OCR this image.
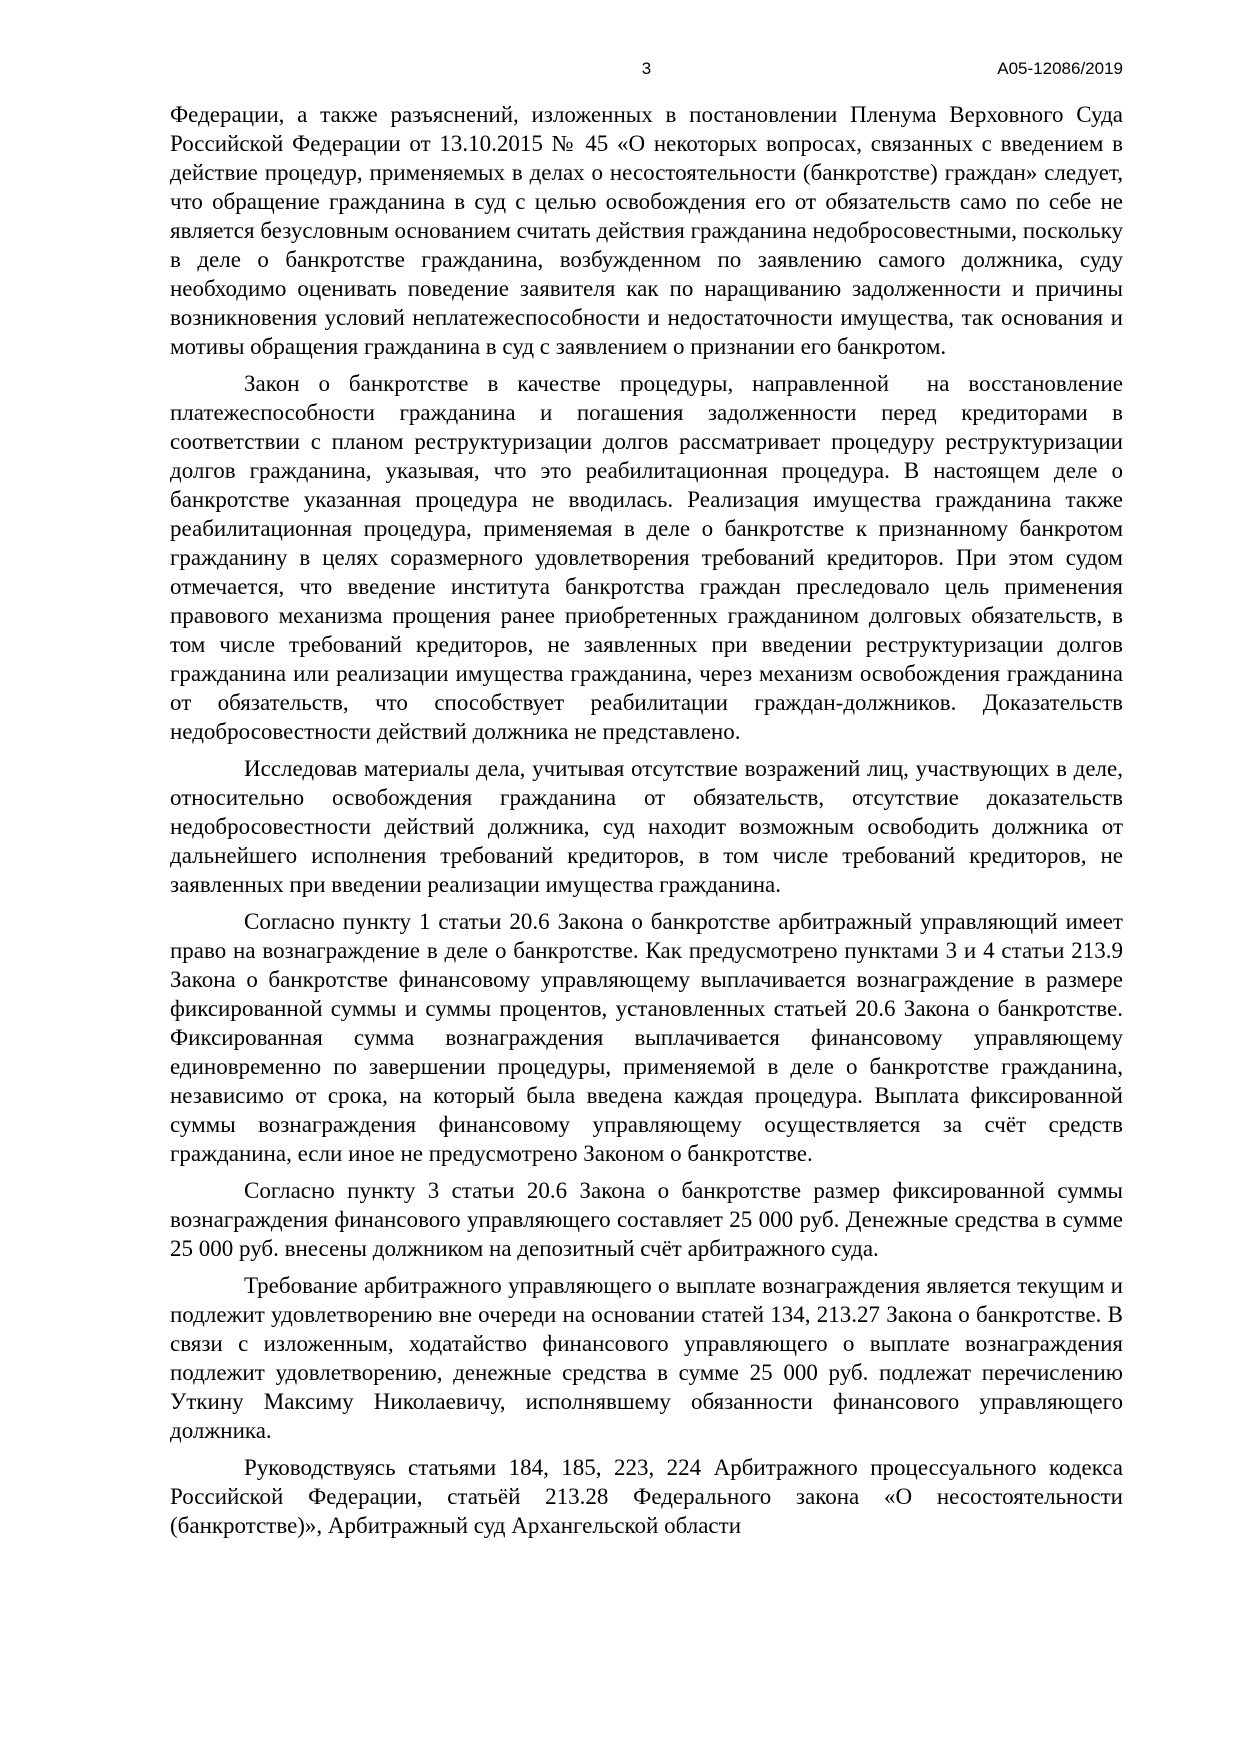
3	А05-12086/2019

Федерации, а также разъяснений, изложенных в постановлении Пленума Верховного Суда Российской Федерации от 13.10.2015 № 45 «О некоторых вопросах, связанных с введением в действие процедур, применяемых в делах о несостоятельности (банкротстве) граждан» следует, что обращение гражданина в суд с целью освобождения его от обязательств само по себе не является безусловным основанием считать действия гражданина недобросовестными, поскольку в деле о банкротстве гражданина, возбужденном по заявлению самого должника, суду необходимо оценивать поведение заявителя как по наращиванию задолженности и причины возникновения условий неплатежеспособности и недостаточности имущества, так основания и мотивы обращения гражданина в суд с заявлением о признании его банкротом.

Закон о банкротстве в качестве процедуры, направленной  на восстановление платежеспособности гражданина и погашения задолженности перед кредиторами в соответствии с планом реструктуризации долгов рассматривает процедуру реструктуризации долгов гражданина, указывая, что это реабилитационная процедура. В настоящем деле о банкротстве указанная процедура не вводилась. Реализация имущества гражданина также реабилитационная процедура, применяемая в деле о банкротстве к признанному банкротом гражданину в целях соразмерного удовлетворения требований кредиторов. При этом судом отмечается, что введение института банкротства граждан преследовало цель применения правового механизма прощения ранее приобретенных гражданином долговых обязательств, в том числе требований кредиторов, не заявленных при введении реструктуризации долгов гражданина или реализации имущества гражданина, через механизм освобождения гражданина от обязательств, что способствует реабилитации граждан-должников. Доказательств недобросовестности действий должника не представлено.

Исследовав материалы дела, учитывая отсутствие возражений лиц, участвующих в деле, относительно освобождения гражданина от обязательств, отсутствие доказательств недобросовестности действий должника, суд находит возможным освободить должника от дальнейшего исполнения требований кредиторов, в том числе требований кредиторов, не заявленных при введении реализации имущества гражданина.

Согласно пункту 1 статьи 20.6 Закона о банкротстве арбитражный управляющий имеет право на вознаграждение в деле о банкротстве. Как предусмотрено пунктами 3 и 4 статьи 213.9 Закона о банкротстве финансовому управляющему выплачивается вознаграждение в размере фиксированной суммы и суммы процентов, установленных статьей 20.6 Закона о банкротстве. Фиксированная сумма вознаграждения выплачивается финансовому управляющему единовременно по завершении процедуры, применяемой в деле о банкротстве гражданина, независимо от срока, на который была введена каждая процедура. Выплата фиксированной суммы вознаграждения финансовому управляющему осуществляется за счёт средств гражданина, если иное не предусмотрено Законом о банкротстве.

Согласно пункту 3 статьи 20.6 Закона о банкротстве размер фиксированной суммы вознаграждения финансового управляющего составляет 25 000 руб. Денежные средства в сумме 25 000 руб. внесены должником на депозитный счёт арбитражного суда.

Требование арбитражного управляющего о выплате вознаграждения является текущим и подлежит удовлетворению вне очереди на основании статей 134, 213.27 Закона о банкротстве. В связи с изложенным, ходатайство финансового управляющего о выплате вознаграждения подлежит удовлетворению, денежные средства в сумме 25 000 руб. подлежат перечислению Уткину Максиму Николаевичу, исполнявшему обязанности финансового управляющего должника.

Руководствуясь статьями 184, 185, 223, 224 Арбитражного процессуального кодекса Российской Федерации, статьёй 213.28 Федерального закона «О несостоятельности (банкротстве)», Арбитражный суд Архангельской области
